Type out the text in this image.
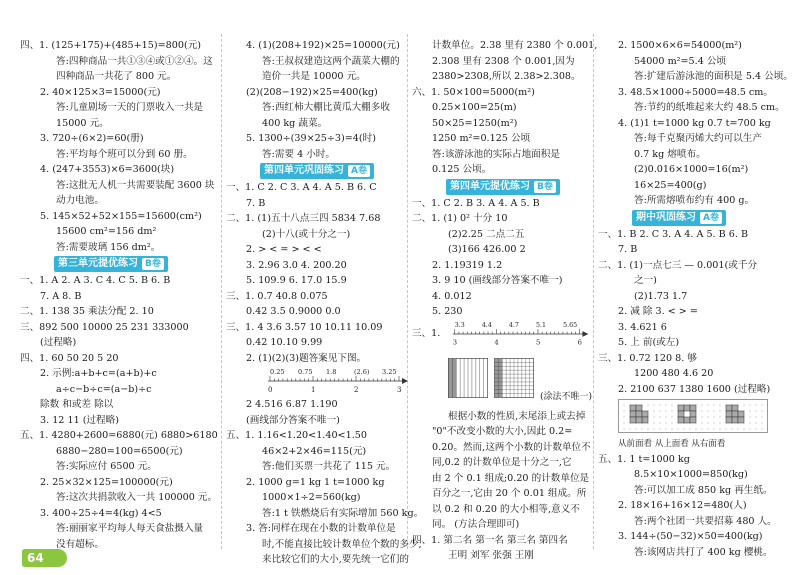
四、1. (125+175)+(485+15)=800(元)
答:四种商品一共①③④或①②④。这
四种商品一共花了 800 元。
2. 40×125×3=15000(元)
答:儿童剧场一天的门票收入一共是
15000 元。
3. 720÷(6×2)=60(册)
答:平均每个班可以分到 60 册。
4. (247+3553)×6=3600(块)
答:这批无人机一共需要装配 3600 块
动力电池。
5. 145×52+52×155=15600(cm²)
15600 cm²=156 dm²
答:需要玻璃 156 dm²。
第三单元提优练习 B卷
一、1. A 2. A 3. C 4. C 5. B 6. B
7. A 8. B
二、1. 138 35 乘法分配 2. 10
三、892 500 10000 25 231 333000
(过程略)
四、1. 60 50 20 5 20
2. 示例:a+b+c=(a+b)+c
a÷c−b÷c=(a−b)÷c
除数 和或差 除以
3. 12 11 (过程略)
五、1. 4280+2600=6880(元) 6880>6180
6880−280=100=6500(元)
答:实际应付 6500 元。
2. 25×32×125=100000(元)
答:这次共捐款收入一共 100000 元。
3. 400÷25÷4=4(kg) 4<5
答:丽丽家平均每人每天食盐摄入量
没有超标。
4. (1)(208+192)×25=10000(元)
答:王叔叔建造这两个蔬菜大棚的
造价一共是 10000 元。
(2)(208−192)×25=400(kg)
答:西红柿大棚比黄瓜大棚多收
400 kg 蔬菜。
5. 1300÷(39×25÷3)=4(时)
答:需要 4 小时。
第四单元巩固练习 A卷
一、1. C 2. C 3. A 4. A 5. B 6. C
7. B
二、1. (1)五十八点三四 5834 7.68
(2)十八(或十分之一)
2. > < = > < <
3. 2.96 3.0 4. 200.20
5. 109.9 6. 17.0 15.9
三、1. 0.7 40.8 0.075
0.42 3.5 0.9000 0.0
三、1. 4 3.6 3.57 10 10.11 10.09
0.42 10.10 9.99
2. (1)(2)(3)题答案见下图。
0.25 0.75 1.8	(2.6) 3.25
0	1	2	3
2 4.516 6.87 1.190
(画线部分答案不唯一)
五、1. 1.16<1.20<1.40<1.50
46×2+2×46=115(元)
答:他们买票一共花了 115 元。
2. 1000 g=1 kg 1 t=1000 kg
1000×1÷2=560(kg)
答:1 t 铁燃烧后有实际增加 560 kg。
3. 答:同样在现在小数的计数单位是
时,不能直接比较计数单位个数的多少,
来比较它们的大小,要先统一它们的
计数单位。2.38 里有 2380 个 0.001,
2.308 里有 2308 个 0.001,因为
2380>2308,所以 2.38>2.308。
六、1. 50×100=5000(m²)
0.25×100=25(m)
50×25=1250(m²)
1250 m²=0.125 公顷
答:该游泳池的实际占地面积是
0.125 公顷。
第四单元提优练习 B卷
一、1. C 2. B 3. A 4. A 5. B
二、1. (1) 0² 十分 10
(2)2.25 二点二五
(3)166 426.00 2
2. 1.19319 1.2
3. 9 10 (画线部分答案不唯一)
4. 0.012
5. 230
三、1.
3.3	4.4	4.7	5.1	5.65
3	4	5	6
(涂法不唯一)
根据小数的性质,末尾添上或去掉
"0"不改变小数的大小,因此 0.2=
0.20。然而,这两个小数的计数单位不
同,0.2 的计数单位是十分之一,它
由 2 个 0.1 组成;0.20 的计数单位是
百分之一,它由 20 个 0.01 组成。所
以 0.2 和 0.20 的大小相等,意义不
同。 (方法合理即可)
四、1. 第二名 第一名 第三名 第四名
王明 刘军 张强 王刚
2. 1500×6×6=54000(m²)
54000 m²=5.4 公顷
答:扩建后游泳池的面积是 5.4 公顷。
3. 48.5×1000÷5000=48.5 cm。
答:节约的纸堆起来大约 48.5 cm。
4. (1)1 t=1000 kg 0.7 t=700 kg
答:每千克聚丙烯大约可以生产
0.7 kg 熔喷布。
(2)0.016×1000=16(m²)
16×25=400(g)
答:所需熔喷布约有 400 g。
期中巩固练习 A卷
一、1. B 2. C 3. A 4. A 5. B 6. B
7. B
二、1. (1)一点七三 — 0.001(或千分
之一)
(2)1.73 1.7
2. 减 除 3. < > =
3. 4.621 6
5. 上 前(或左)
三、1. 0.72 120 8. 够
1200 480 4.6 20
2. 2100 637 1380 1600 (过程略)
从前面看 从上面看 从右面看
五、1. 1 t=1000 kg
8.5×10×1000=850(kg)
答:可以加工成 850 kg 再生纸。
2. 18×16+16×12=480(人)
答:两个社团一共要招募 480 人。
3. 144÷(50−32)×50=400(kg)
答:该网店共打了 400 kg 樱桃。
64
